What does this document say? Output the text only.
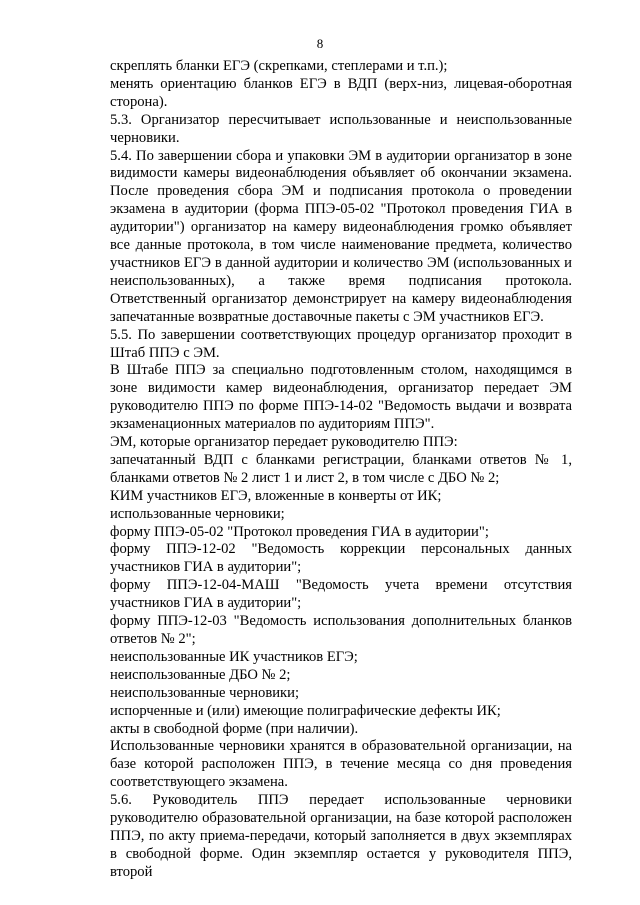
8

скреплять бланки ЕГЭ (скрепками, степлерами и т.п.);

менять ориентацию бланков ЕГЭ в ВДП (верх-низ, лицевая-оборотная сторона).

5.3. Организатор пересчитывает использованные и неиспользованные черновики.

5.4. По завершении сбора и упаковки ЭМ в аудитории организатор в зоне видимости камеры видеонаблюдения объявляет об окончании экзамена. После проведения сбора ЭМ и подписания протокола о проведении экзамена в аудитории (форма ППЭ-05-02 "Протокол проведения ГИА в аудитории") организатор на камеру видеонаблюдения громко объявляет все данные протокола, в том числе наименование предмета, количество участников ЕГЭ в данной аудитории и количество ЭМ (использованных и неиспользованных), а также время подписания протокола. Ответственный организатор демонстрирует на камеру видеонаблюдения запечатанные возвратные доставочные пакеты с ЭМ участников ЕГЭ.

5.5. По завершении соответствующих процедур организатор проходит в Штаб ППЭ с ЭМ.

В Штабе ППЭ за специально подготовленным столом, находящимся в зоне видимости камер видеонаблюдения, организатор передает ЭМ руководителю ППЭ по форме ППЭ-14-02 "Ведомость выдачи и возврата экзаменационных материалов по аудиториям ППЭ".

ЭМ, которые организатор передает руководителю ППЭ:

запечатанный ВДП с бланками регистрации, бланками ответов № 1, бланками ответов № 2 лист 1 и лист 2, в том числе с ДБО № 2;

КИМ участников ЕГЭ, вложенные в конверты от ИК;

использованные черновики;

форму ППЭ-05-02 "Протокол проведения ГИА в аудитории";

форму ППЭ-12-02 "Ведомость коррекции персональных данных участников ГИА в аудитории";

форму ППЭ-12-04-МАШ "Ведомость учета времени отсутствия участников ГИА в аудитории";

форму ППЭ-12-03 "Ведомость использования дополнительных бланков ответов № 2";

неиспользованные ИК участников ЕГЭ;

неиспользованные ДБО № 2;

неиспользованные черновики;

испорченные и (или) имеющие полиграфические дефекты ИК;

акты в свободной форме (при наличии).

Использованные черновики хранятся в образовательной организации, на базе которой расположен ППЭ, в течение месяца со дня проведения соответствующего экзамена.

5.6. Руководитель ППЭ передает использованные черновики руководителю образовательной организации, на базе которой расположен ППЭ, по акту приема-передачи, который заполняется в двух экземплярах в свободной форме. Один экземпляр остается у руководителя ППЭ, второй
